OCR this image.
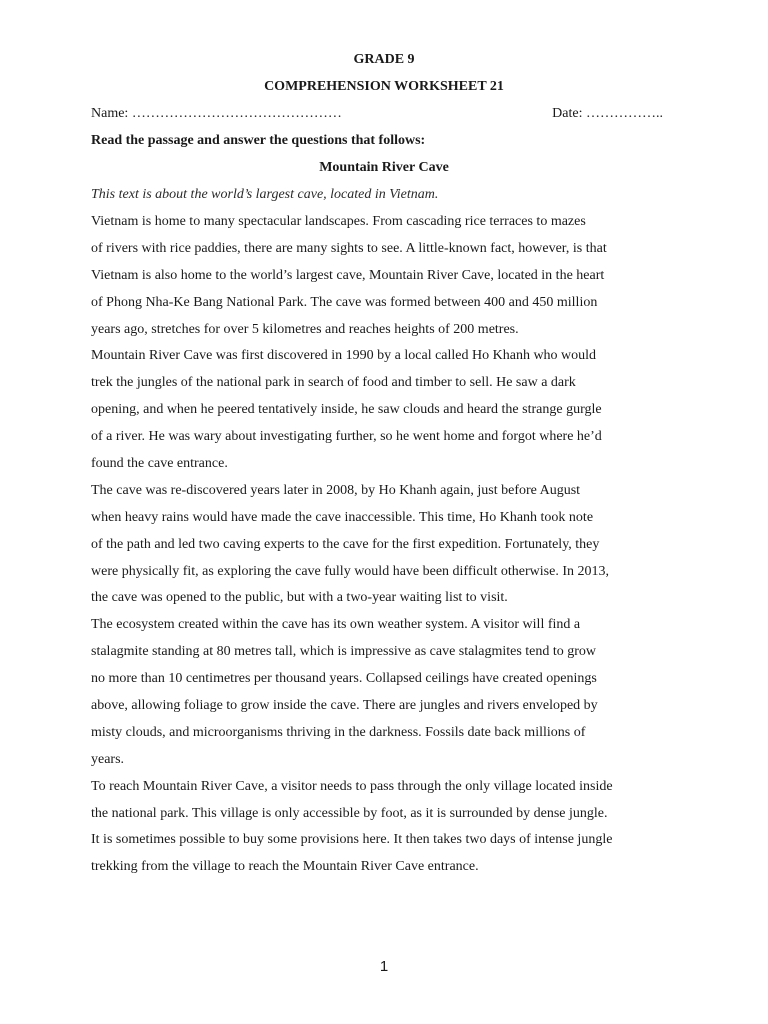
GRADE 9
COMPREHENSION WORKSHEET 21
Name: ………………………………………	Date: ……………..
Read the passage and answer the questions that follows:
Mountain River Cave
This text is about the world’s largest cave, located in Vietnam.
Vietnam is home to many spectacular landscapes. From cascading rice terraces to mazes
of rivers with rice paddies, there are many sights to see. A little-known fact, however, is that
Vietnam is also home to the world’s largest cave, Mountain River Cave, located in the heart
of Phong Nha-Ke Bang National Park. The cave was formed between 400 and 450 million
years ago, stretches for over 5 kilometres and reaches heights of 200 metres.
Mountain River Cave was first discovered in 1990 by a local called Ho Khanh who would
trek the jungles of the national park in search of food and timber to sell. He saw a dark
opening, and when he peered tentatively inside, he saw clouds and heard the strange gurgle
of a river. He was wary about investigating further, so he went home and forgot where he’d
found the cave entrance.
The cave was re-discovered years later in 2008, by Ho Khanh again, just before August
when heavy rains would have made the cave inaccessible. This time, Ho Khanh took note
of the path and led two caving experts to the cave for the first expedition. Fortunately, they
were physically fit, as exploring the cave fully would have been difficult otherwise. In 2013,
the cave was opened to the public, but with a two-year waiting list to visit.
The ecosystem created within the cave has its own weather system. A visitor will find a
stalagmite standing at 80 metres tall, which is impressive as cave stalagmites tend to grow
no more than 10 centimetres per thousand years. Collapsed ceilings have created openings
above, allowing foliage to grow inside the cave. There are jungles and rivers enveloped by
misty clouds, and microorganisms thriving in the darkness. Fossils date back millions of
years.
To reach Mountain River Cave, a visitor needs to pass through the only village located inside
the national park. This village is only accessible by foot, as it is surrounded by dense jungle.
It is sometimes possible to buy some provisions here. It then takes two days of intense jungle
trekking from the village to reach the Mountain River Cave entrance.
1
